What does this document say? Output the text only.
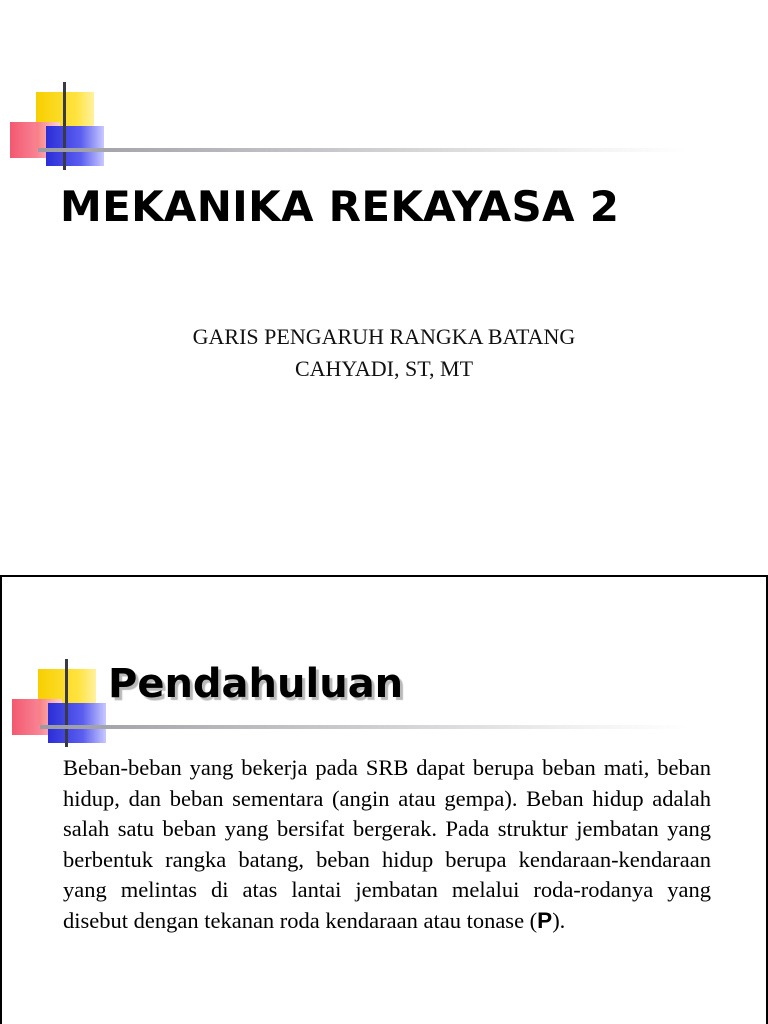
MEKANIKA REKAYASA 2

GARIS PENGARUH RANGKA BATANG

CAHYADI, ST, MT

Pendahuluan

Beban-beban yang bekerja pada SRB dapat berupa beban mati, beban hidup, dan beban sementara (angin atau gempa). Beban hidup adalah salah satu beban yang bersifat bergerak. Pada struktur jembatan yang berbentuk rangka batang, beban hidup berupa kendaraan-kendaraan yang melintas di atas lantai jembatan melalui roda-rodanya yang disebut dengan tekanan roda kendaraan atau tonase (P).
